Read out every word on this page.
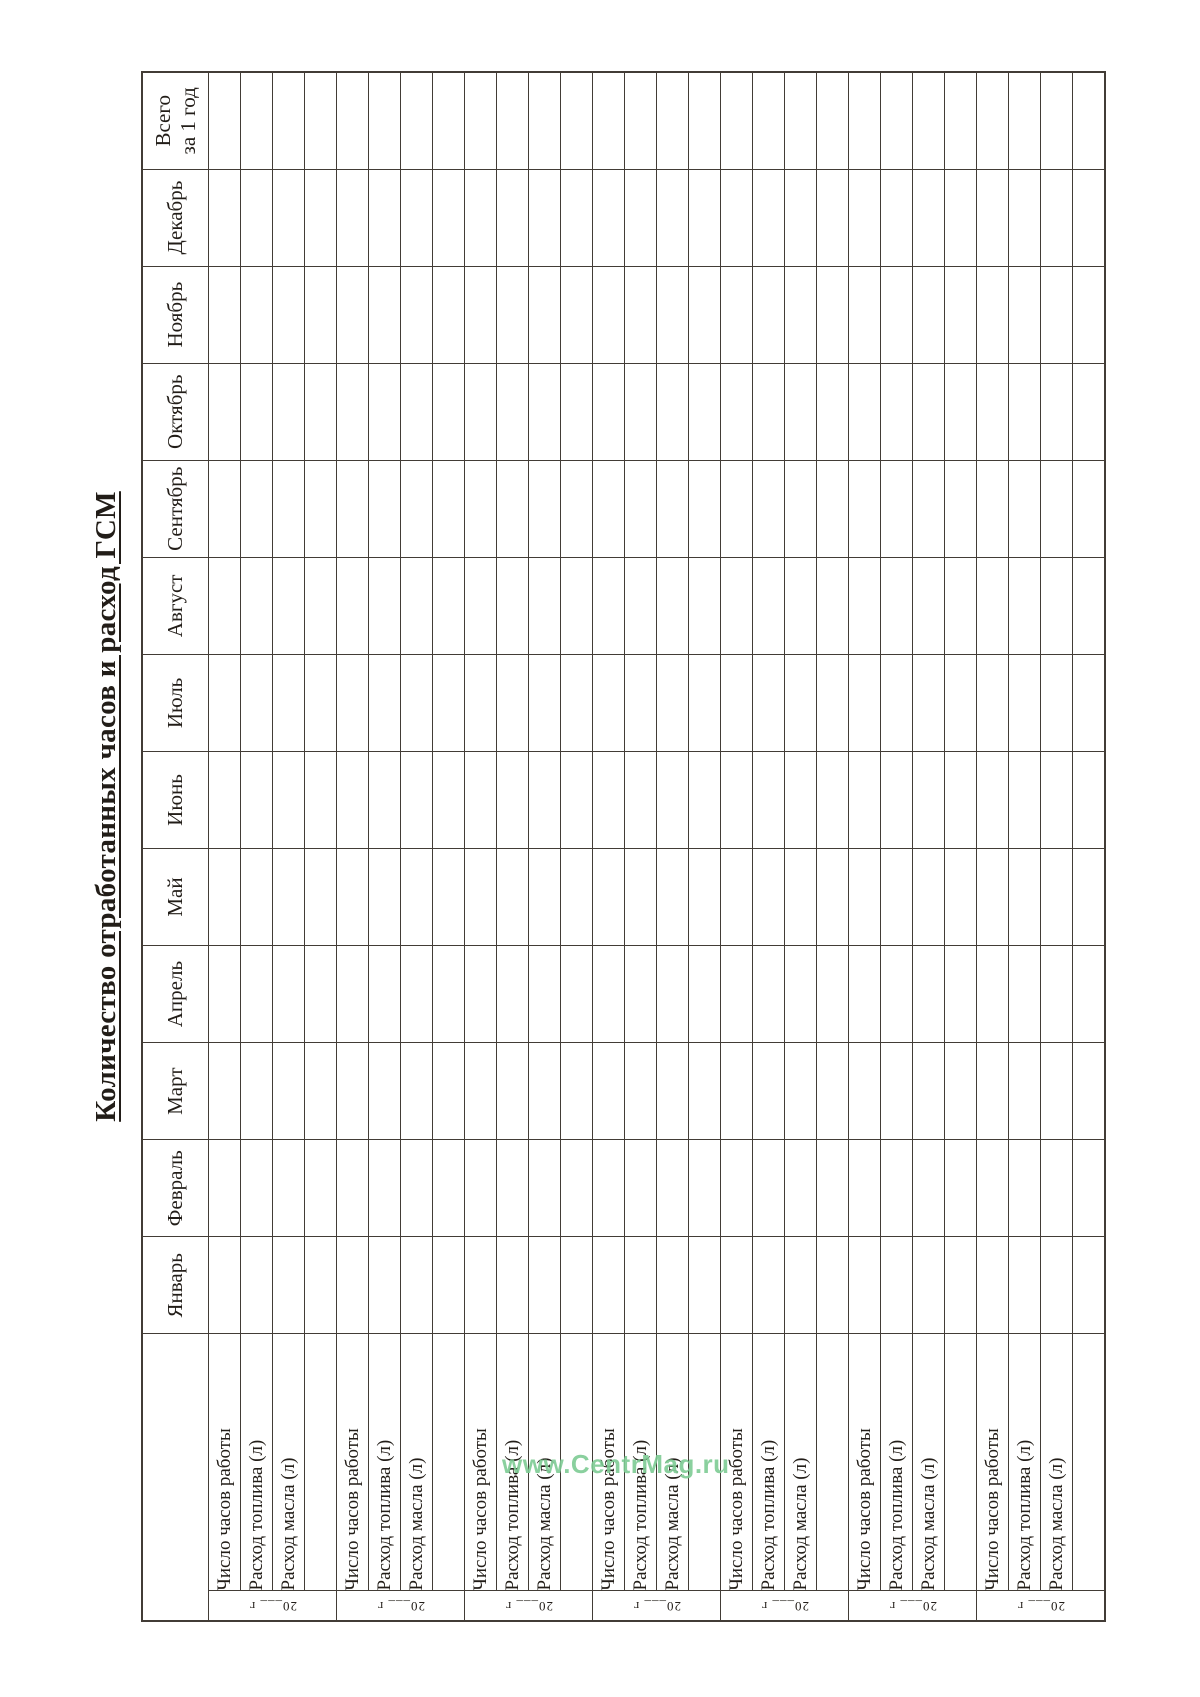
Количество отработанных часов и расход ГСМ
		Январь	Февраль	Март	Апрель	Май	Июнь	Июль	Август	Сентябрь	Октябрь	Ноябрь	Декабрь	Всего
за 1 год

20___ г	Число часов работы													
	Расход топлива (л)													
	Расход масла (л)													

20___ г	Число часов работы													
	Расход топлива (л)													
	Расход масла (л)													

20___ г	Число часов работы													
	Расход топлива (л)													
	Расход масла (л)													

20___ г	Число часов работы													
	Расход топлива (л)													
	Расход масла (л)													

20___ г	Число часов работы													
	Расход топлива (л)													
	Расход масла (л)													

20___ г	Число часов работы													
	Расход топлива (л)													
	Расход масла (л)													

20___ г	Число часов работы													
	Расход топлива (л)													
	Расход масла (л)													

www.CentrMag.ru
